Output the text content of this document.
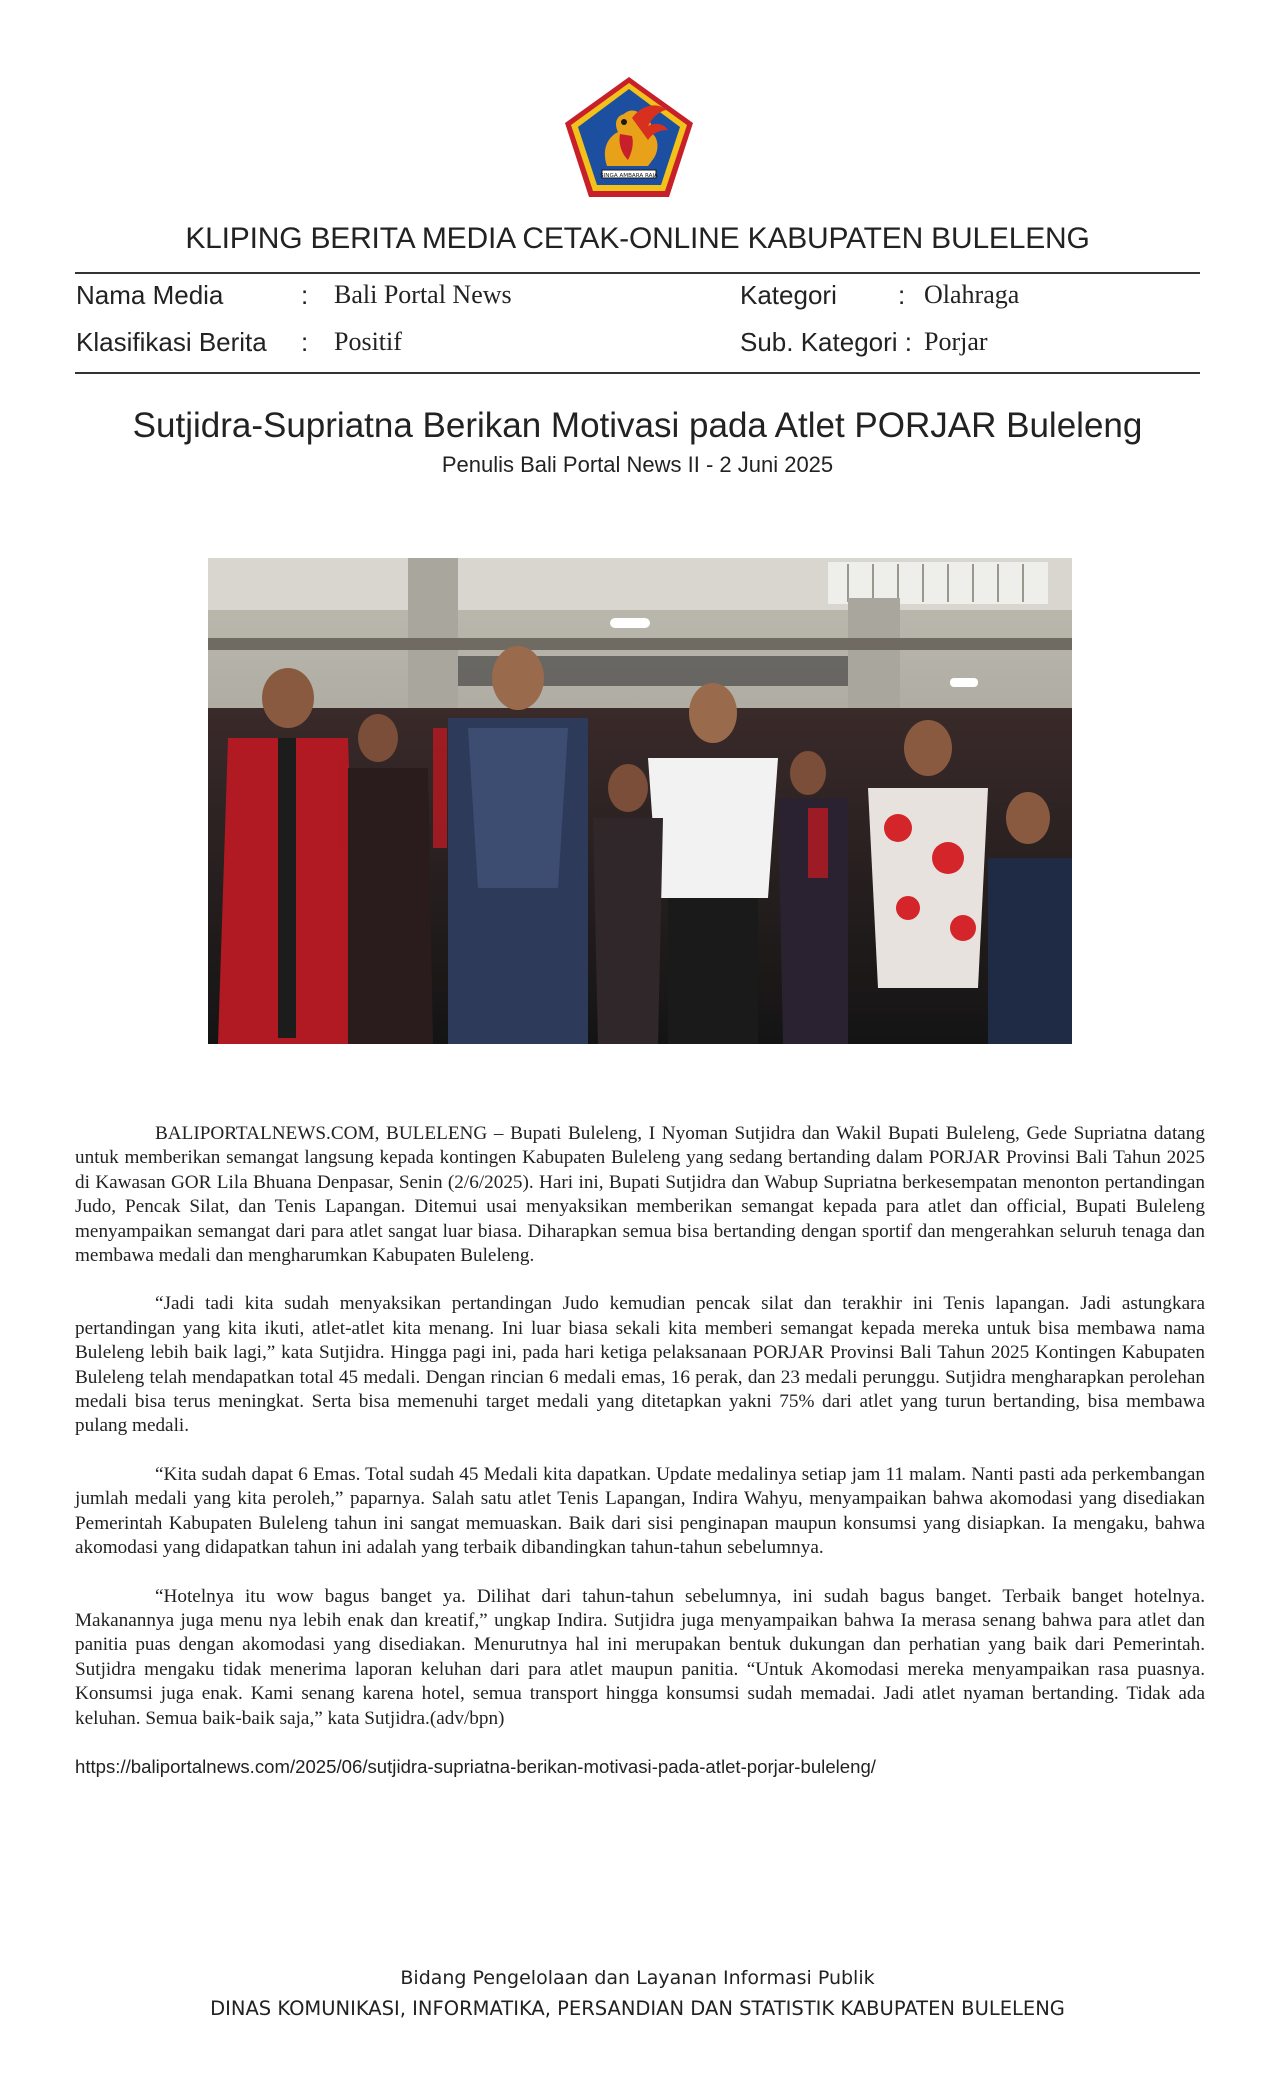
SINGA AMBARA RAJA
KLIPING BERITA MEDIA CETAK-ONLINE KABUPATEN BULELENG
Nama Media	: Bali Portal News	Kategori : Olahraga
Klasifikasi Berita : Positif	Sub. Kategori : Porjar
Sutjidra-Supriatna Berikan Motivasi pada Atlet PORJAR Buleleng
Penulis Bali Portal News II - 2 Juni 2025

BALIPORTALNEWS.COM, BULELENG – Bupati Buleleng, I Nyoman Sutjidra dan Wakil Bupati Buleleng, Gede Supriatna datang untuk memberikan semangat langsung kepada kontingen Kabupaten Buleleng yang sedang bertanding dalam PORJAR Provinsi Bali Tahun 2025 di Kawasan GOR Lila Bhuana Denpasar, Senin (2/6/2025). Hari ini, Bupati Sutjidra dan Wabup Supriatna berkesempatan menonton pertandingan Judo, Pencak Silat, dan Tenis Lapangan. Ditemui usai menyaksikan memberikan semangat kepada para atlet dan official, Bupati Buleleng menyampaikan semangat dari para atlet sangat luar biasa. Diharapkan semua bisa bertanding dengan sportif dan mengerahkan seluruh tenaga dan membawa medali dan mengharumkan Kabupaten Buleleng.

“Jadi tadi kita sudah menyaksikan pertandingan Judo kemudian pencak silat dan terakhir ini Tenis lapangan. Jadi astungkara pertandingan yang kita ikuti, atlet-atlet kita menang. Ini luar biasa sekali kita memberi semangat kepada mereka untuk bisa membawa nama Buleleng lebih baik lagi,” kata Sutjidra. Hingga pagi ini, pada hari ketiga pelaksanaan PORJAR Provinsi Bali Tahun 2025 Kontingen Kabupaten Buleleng telah mendapatkan total 45 medali. Dengan rincian 6 medali emas, 16 perak, dan 23 medali perunggu. Sutjidra mengharapkan perolehan medali bisa terus meningkat. Serta bisa memenuhi target medali yang ditetapkan yakni 75% dari atlet yang turun bertanding, bisa membawa pulang medali.

“Kita sudah dapat 6 Emas. Total sudah 45 Medali kita dapatkan. Update medalinya setiap jam 11 malam. Nanti pasti ada perkembangan jumlah medali yang kita peroleh,” paparnya. Salah satu atlet Tenis Lapangan, Indira Wahyu, menyampaikan bahwa akomodasi yang disediakan Pemerintah Kabupaten Buleleng tahun ini sangat memuaskan. Baik dari sisi penginapan maupun konsumsi yang disiapkan. Ia mengaku, bahwa akomodasi yang didapatkan tahun ini adalah yang terbaik dibandingkan tahun-tahun sebelumnya.

“Hotelnya itu wow bagus banget ya. Dilihat dari tahun-tahun sebelumnya, ini sudah bagus banget. Terbaik banget hotelnya. Makanannya juga menu nya lebih enak dan kreatif,” ungkap Indira. Sutjidra juga menyampaikan bahwa Ia merasa senang bahwa para atlet dan panitia puas dengan akomodasi yang disediakan. Menurutnya hal ini merupakan bentuk dukungan dan perhatian yang baik dari Pemerintah. Sutjidra mengaku tidak menerima laporan keluhan dari para atlet maupun panitia. “Untuk Akomodasi mereka menyampaikan rasa puasnya. Konsumsi juga enak. Kami senang karena hotel, semua transport hingga konsumsi sudah memadai. Jadi atlet nyaman bertanding. Tidak ada keluhan. Semua baik-baik saja,” kata Sutjidra.(adv/bpn)

https://baliportalnews.com/2025/06/sutjidra-supriatna-berikan-motivasi-pada-atlet-porjar-buleleng/

Bidang Pengelolaan dan Layanan Informasi Publik
DINAS KOMUNIKASI, INFORMATIKA, PERSANDIAN DAN STATISTIK KABUPATEN BULELENG
